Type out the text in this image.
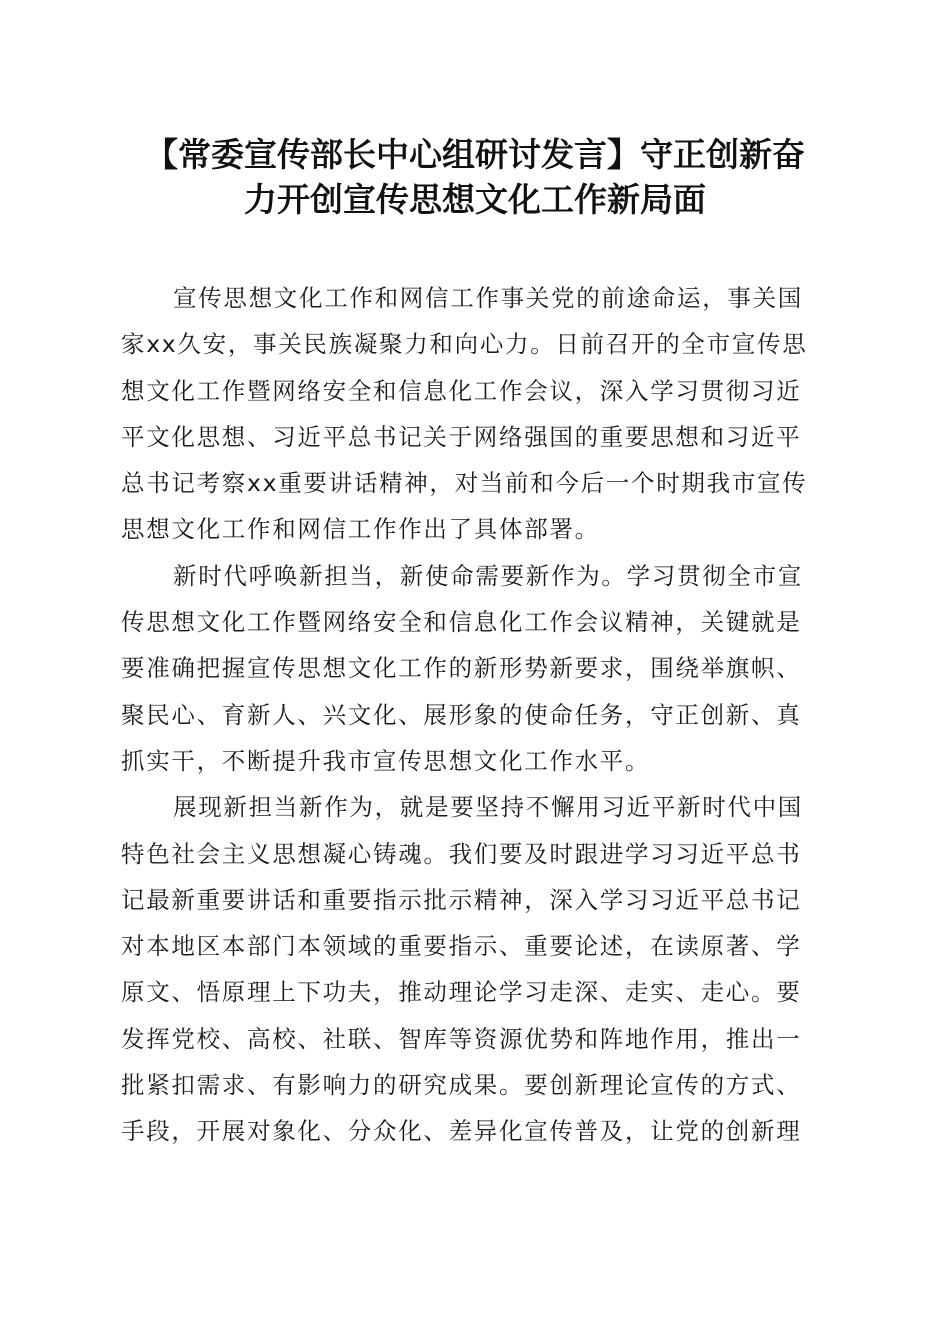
【常委宣传部长中心组研讨发言】守正创新奋
力开创宣传思想文化工作新局面
宣传思想文化工作和网信工作事关党的前途命运，事关国
家xx久安，事关民族凝聚力和向心力。日前召开的全市宣传思
想文化工作暨网络安全和信息化工作会议，深入学习贯彻习近
平文化思想、习近平总书记关于网络强国的重要思想和习近平
总书记考察xx重要讲话精神，对当前和今后一个时期我市宣传
思想文化工作和网信工作作出了具体部署。
新时代呼唤新担当，新使命需要新作为。学习贯彻全市宣
传思想文化工作暨网络安全和信息化工作会议精神，关键就是
要准确把握宣传思想文化工作的新形势新要求，围绕举旗帜、
聚民心、育新人、兴文化、展形象的使命任务，守正创新、真
抓实干，不断提升我市宣传思想文化工作水平。
展现新担当新作为，就是要坚持不懈用习近平新时代中国
特色社会主义思想凝心铸魂。我们要及时跟进学习习近平总书
记最新重要讲话和重要指示批示精神，深入学习习近平总书记
对本地区本部门本领域的重要指示、重要论述，在读原著、学
原文、悟原理上下功夫，推动理论学习走深、走实、走心。要
发挥党校、高校、社联、智库等资源优势和阵地作用，推出一
批紧扣需求、有影响力的研究成果。要创新理论宣传的方式、
手段，开展对象化、分众化、差异化宣传普及，让党的创新理
